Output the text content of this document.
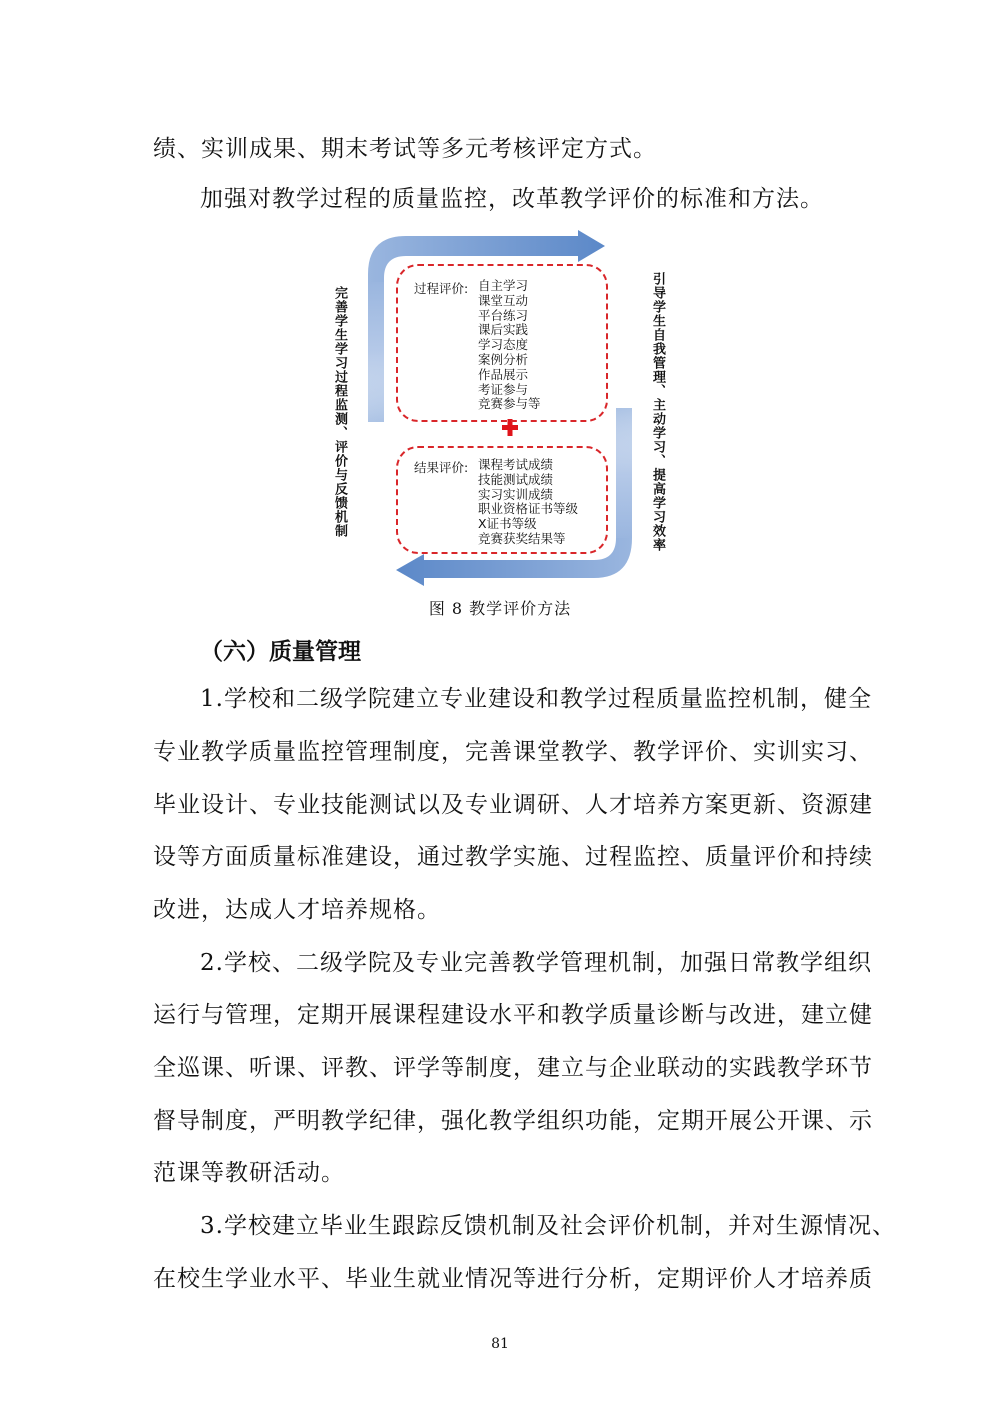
绩、实训成果、期末考试等多元考核评定方式。
加强对教学过程的质量监控，改革教学评价的标准和方法。
完善学生学习过程监测、评价与反馈机制	引导学生自我管理、主动学习、提高学习效率
过程评价: 自主学习
课堂互动
平台练习
课后实践
学习态度
案例分析
作品展示
考证参与
竞赛参与等
结果评价: 课程考试成绩
技能测试成绩
实习实训成绩
职业资格证书等级
X证书等级
竞赛获奖结果等
图 8 教学评价方法
（六）质量管理
1.学校和二级学院建立专业建设和教学过程质量监控机制，健全
专业教学质量监控管理制度，完善课堂教学、教学评价、实训实习、
毕业设计、专业技能测试以及专业调研、人才培养方案更新、资源建
设等方面质量标准建设，通过教学实施、过程监控、质量评价和持续
改进，达成人才培养规格。
2.学校、二级学院及专业完善教学管理机制，加强日常教学组织
运行与管理，定期开展课程建设水平和教学质量诊断与改进，建立健
全巡课、听课、评教、评学等制度，建立与企业联动的实践教学环节
督导制度，严明教学纪律，强化教学组织功能，定期开展公开课、示
范课等教研活动。
3.学校建立毕业生跟踪反馈机制及社会评价机制，并对生源情况、
在校生学业水平、毕业生就业情况等进行分析，定期评价人才培养质
81
